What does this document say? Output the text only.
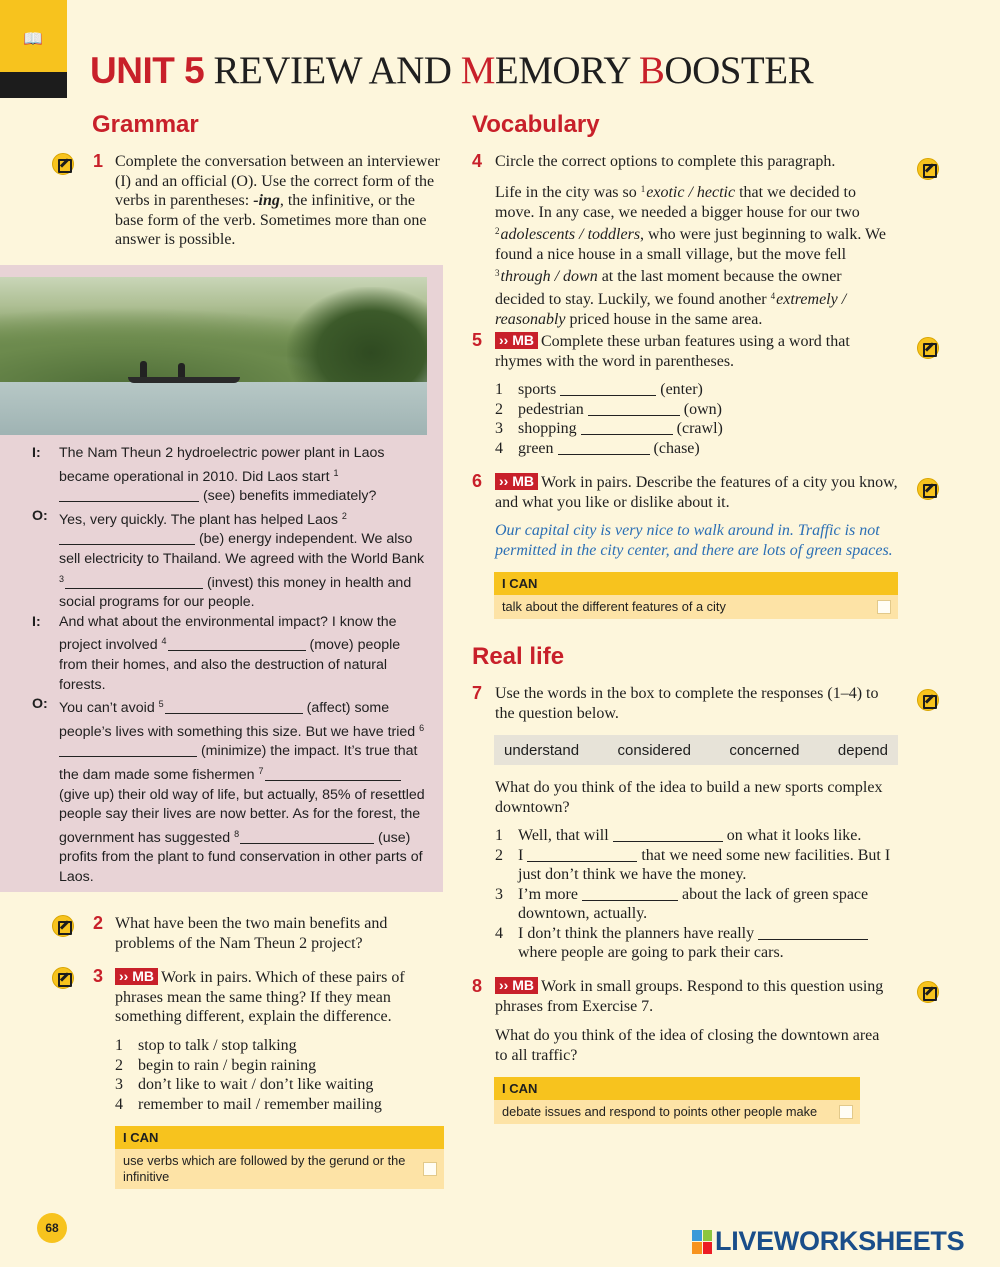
📖
UNIT 5 REVIEW AND MEMORY BOOSTER
Grammar
1 Complete the conversation between an interviewer (I) and an official (O). Use the correct form of the verbs in parentheses: -ing, the infinitive, or the base form of the verb. Sometimes more than one answer is possible.
I:	The Nam Theun 2 hydroelectric power plant in Laos became operational in 2010. Did Laos start $^1$ (see) benefits immediately?
O: Yes, very quickly. The plant has helped Laos $^2$ (be) energy independent. We also sell electricity to Thailand. We agreed with the World Bank $^3$	(invest) this money in health and social programs for our people.
I:	And what about the environmental impact? I know the project involved $^4$	(move) people from their homes, and also the destruction of natural forests.
O: You can’t avoid $^5$	(affect) some people’s lives with something this size. But we have tried $^6$ (minimize) the impact. It’s true that the dam made some fishermen $^7$ (give up) their old way of life, but actually, 85% of resettled people say their lives are now better. As for the forest, the government has suggested $^8$	(use) profits from the plant to fund conservation in other parts of Laos.
2 What have been the two main benefits and problems of the Nam Theun 2 project?
3 ›› MB Work in pairs. Which of these pairs of phrases mean the same thing? If they mean something different, explain the difference.
1 stop to talk / stop talking
2 begin to rain / begin raining
3 don’t like to wait / don’t like waiting
4 remember to mail / remember mailing
I CAN
use verbs which are followed by the gerund or the infinitive
Vocabulary
4 Circle the correct options to complete this paragraph.
Life in the city was so $^1$exotic / hectic that we decided to move. In any case, we needed a bigger house for our two $^2$adolescents / toddlers, who were just beginning to walk. We found a nice house in a small village, but the move fell $^3$through / down at the last moment because the owner decided to stay. Luckily, we found another $^4$extremely / reasonably priced house in the same area.
5 ›› MB Complete these urban features using a word that rhymes with the word in parentheses.
1 sports	(enter)
2 pedestrian	(own)
3 shopping	(crawl)
4 green	(chase)
6 ›› MB Work in pairs. Describe the features of a city you know, and what you like or dislike about it.
Our capital city is very nice to walk around in. Traffic is not permitted in the city center, and there are lots of green spaces.
I CAN
talk about the different features of a city
Real life
7 Use the words in the box to complete the responses (1–4) to the question below.
understand	considered	concerned	depend
What do you think of the idea to build a new sports complex downtown?
1 Well, that will	on what it looks like.
2 I	that we need some new facilities. But I just don’t think we have the money.
3 I’m more	about the lack of green space downtown, actually.
4 I don’t think the planners have really  where people are going to park their cars.
8 ›› MB Work in small groups. Respond to this question using phrases from Exercise 7.
What do you think of the idea of closing the downtown area to all traffic?
I CAN
debate issues and respond to points other people make
68	LIVEWORKSHEETS
